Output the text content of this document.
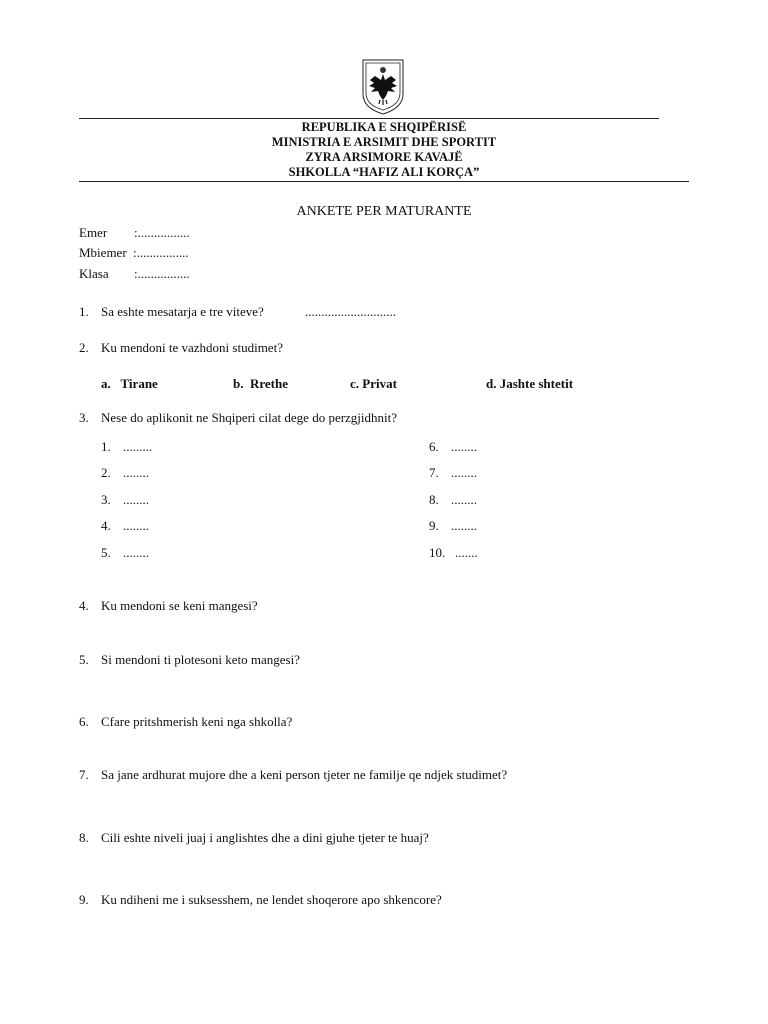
REPUBLIKA E SHQIPËRISË
MINISTRIA E ARSIMIT DHE SPORTIT
ZYRA ARSIMORE KAVAJË
SHKOLLA “HAFIZ ALI KORÇA”
ANKETE PER MATURANTE
Emer :................
Mbiemer :................
Klasa :................
1. Sa eshte mesatarja e tre viteve?	............................
2. Ku mendoni te vazhdoni studimet?
a. Tirane	b. Rrethe	c. Privat	d. Jashte shtetit
3. Nese do aplikonit ne Shqiperi cilat dege do perzgjidhnit?
1. .........
2. ........
3. ........
4. ........
5. ........
6. ........
7. ........
8. ........
9. ........
10. .......
4. Ku mendoni se keni mangesi?
5. Si mendoni ti plotesoni keto mangesi?
6. Cfare pritshmerish keni nga shkolla?
7. Sa jane ardhurat mujore dhe a keni person tjeter ne familje qe ndjek studimet?
8. Cili eshte niveli juaj i anglishtes dhe a dini gjuhe tjeter te huaj?
9. Ku ndiheni me i suksesshem, ne lendet shoqerore apo shkencore?
